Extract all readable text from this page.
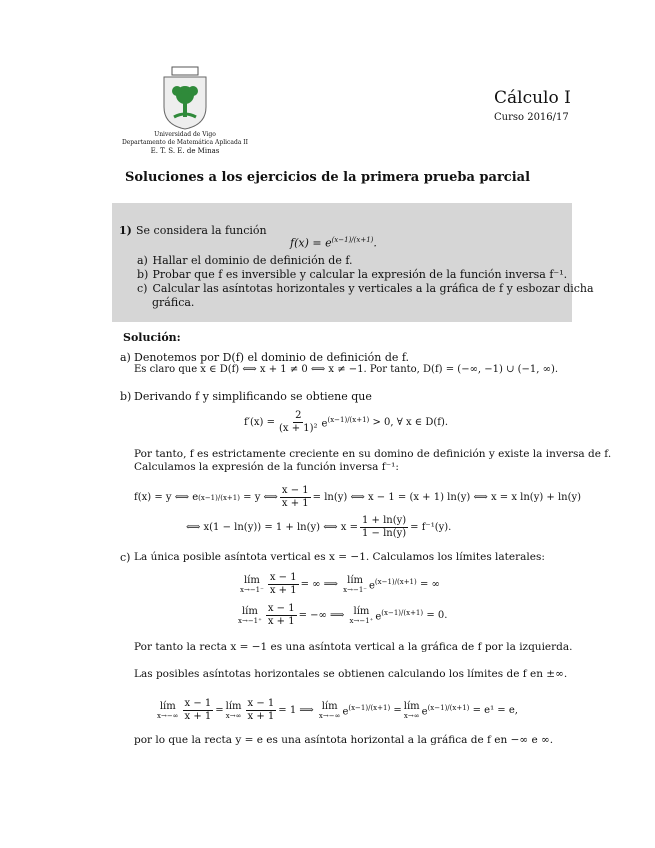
Universidad de Vigo
Departamento de Matemática Aplicada II
E. T. S. E. de Minas
Cálculo I
Curso 2016/17
Soluciones a los ejercicios de la primera prueba parcial
1) Se considera la función
$f(x) = e^{(x-1)/(x+1)}$.
a) Hallar el dominio de definición de f.
b) Probar que f es inversible y calcular la expresión de la función inversa f⁻¹.
c) Calcular las asíntotas horizontales y verticales a la gráfica de f y esbozar dicha
gráfica.
Solución:
a) Denotemos por D(f) el dominio de definición de f.
Es claro que x ∈ D(f) ⟺ x + 1 ≠ 0 ⟺ x ≠ −1. Por tanto, D(f) = (−∞, −1) ∪ (−1, ∞).
b) Derivando f y simplificando se obtiene que
$f'(x) = \frac{2}{\text{(x + 1)²}} e^{(x-1)/(x+1)}$
> 0, ∀ x ∈ D(f).
Por tanto, f es estrictamente creciente en su domino de definición y existe la inversa de f.
Calculamos la expresión de la función inversa f⁻¹:
f(x) = y ⟺ e (x−1)/(x+1)
= y ⟺ $\frac{x - 1}{x + 1} = \ln(y)$ ⟺ x − 1 = (x + 1) ln(y) ⟺ x = x ln(y) + ln(y)
⟺ x(1 − ln(y)) = 1 + ln(y) ⟺ $x = \frac{1 + \ln(y)}{1 - \ln(y)} = f^{-1}(y)$.
c) La única posible asíntota vertical es x = −1. Calculamos los límites laterales:
lím
$x\to-1^- \frac{x - 1}{x + 1}$ = ∞ ⟹
lím
x→−1⁻ $e^{(x-1)/(x+1)}$
= ∞
lím
$x\to-1^+ \frac{x - 1}{x + 1}$ = −∞ ⟹
lím
x→−1⁺ $e^{(x-1)/(x+1)}$
= 0.
Por tanto la recta x = −1 es una asíntota vertical a la gráfica de f por la izquierda.
Las posibles asíntotas horizontales se obtienen calculando los límites de f en ±∞.
lím
$x\to-\infty \frac{x - 1}{x + 1}$ = lím
$x\to\infty \frac{x - 1}{x + 1} = 1$ ⟹
lím
x→−∞ $e^{(x-1)/(x+1)}$
= lím
x→∞ $e^{(x-1)/(x+1)}$
= e¹ = e,
por lo que la recta y = e es una asíntota horizontal a la gráfica de f en −∞ e ∞.
